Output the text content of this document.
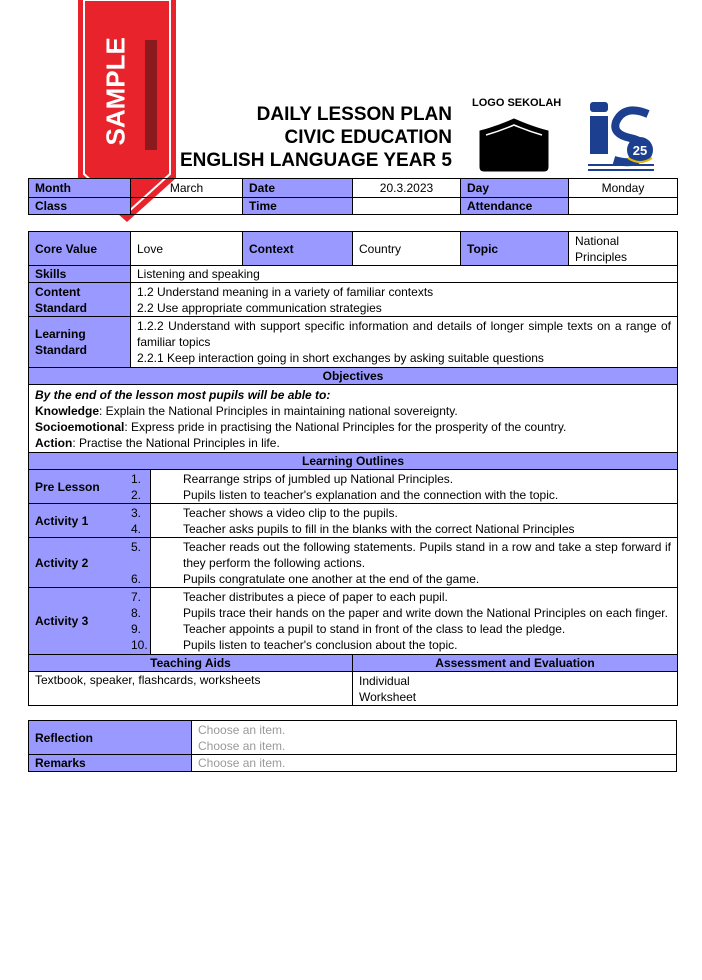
SAMPLE	DAILY LESSON PLAN
CIVIC EDUCATION
ENGLISH LANGUAGE YEAR 5
LOGO SEKOLAH
25
Month	March	Date	20.3.2023	Day	Monday
Class		Time		Attendance	
Core Value	Love		Context	Country	Topic	National Principles
Skills	Listening and speaking					
Content Standard	1.2 Understand meaning in a variety of familiar contexts
2.2 Use appropriate communication strategies					

Learning Standard	1.2.2 Understand with support specific information and details of longer simple texts on a range of familiar topics
2.2.1 Keep interaction going in short exchanges by asking suitable questions					

Objectives						

By the end of the lesson most pupils will be able to:
Knowledge: Explain the National Principles in maintaining national sovereignty.
Socioemotional: Express pride in practising the National Principles for the prosperity of the country.
Action: Practise the National Principles in life.						

Learning Outlines						
Pre Lesson		1. Rearrange strips of jumbled up National Principles.
2. Pupils listen to teacher's explanation and the connection with the topic.				

Activity 1		3. Teacher shows a video clip to the pupils.
4. Teacher asks pupils to fill in the blanks with the correct National Principles				

Activity 2		5. Teacher reads out the following statements. Pupils stand in a row and take a step forward if they perform the following actions.
6. Pupils congratulate one another at the end of the game.				

Activity 3		7. Teacher distributes a piece of paper to each pupil.
8. Pupils trace their hands on the paper and write down the National Principles on each finger.
9. Teacher appoints a pupil to stand in front of the class to lead the pledge.
10. Pupils listen to teacher's conclusion about the topic.				

Teaching Aids				Assessment and Evaluation		
Textbook, speaker, flashcards, worksheets				Individual
Worksheet		
Reflection	Choose an item.
Choose an item.

Remarks	Choose an item.
